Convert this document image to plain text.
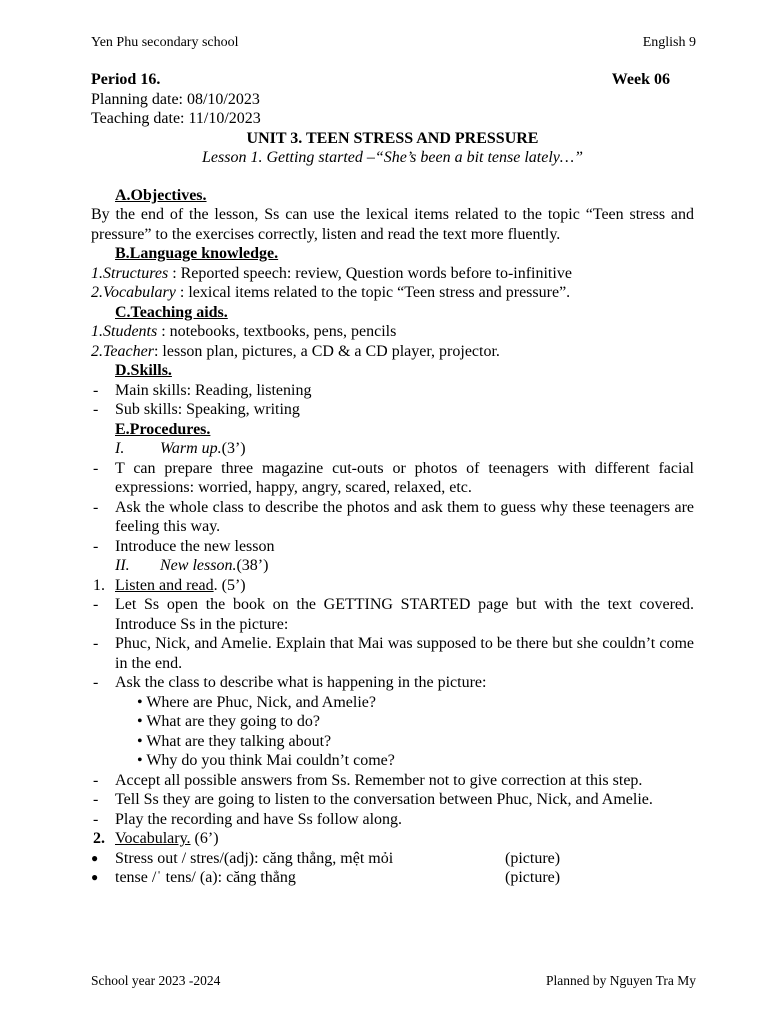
Yen Phu secondary school	English 9
Period 16.	Week 06
Planning date: 08/10/2023
Teaching date: 11/10/2023
UNIT 3. TEEN STRESS AND PRESSURE
Lesson 1. Getting started –“She’s been a bit tense lately…”
A.Objectives.
By the end of the lesson, Ss can use the lexical items related to the topic “Teen stress and pressure” to the exercises correctly, listen and read the text more fluently.
B.Language knowledge.
1.Structures : Reported speech: review, Question words before to-infinitive
2.Vocabulary : lexical items related to the topic “Teen stress and pressure”.
C.Teaching aids.
1.Students : notebooks, textbooks, pens, pencils
2.Teacher: lesson plan, pictures, a CD & a CD player, projector.
D.Skills.
-	Main skills: Reading, listening
-	Sub skills: Speaking, writing
E.Procedures.
I.	Warm up. (3’)
-	T can prepare three magazine cut-outs or photos of teenagers with different facial expressions: worried, happy, angry, scared, relaxed, etc.
-	Ask the whole class to describe the photos and ask them to guess why these teenagers are feeling this way.
-	Introduce the new lesson
II.	New lesson. (38’)
1. Listen and read. (5’)
-	Let Ss open the book on the GETTING STARTED page but with the text covered. Introduce Ss in the picture:
-	Phuc, Nick, and Amelie. Explain that Mai was supposed to be there but she couldn’t come in the end.
-	Ask the class to describe what is happening in the picture:
• Where are Phuc, Nick, and Amelie?
• What are they going to do?
• What are they talking about?
• Why do you think Mai couldn’t come?
-	Accept all possible answers from Ss. Remember not to give correction at this step.
-	Tell Ss they are going to listen to the conversation between Phuc, Nick, and Amelie.
-	Play the recording and have Ss follow along.
2. Vocabulary. (6’)
●	Stress out / stres/(adj): căng thẳng, mệt mỏi	(picture)
●	tense /ˈ tens/ (a): căng thẳng	(picture)
School year 2023 -2024	Planned by Nguyen Tra My
